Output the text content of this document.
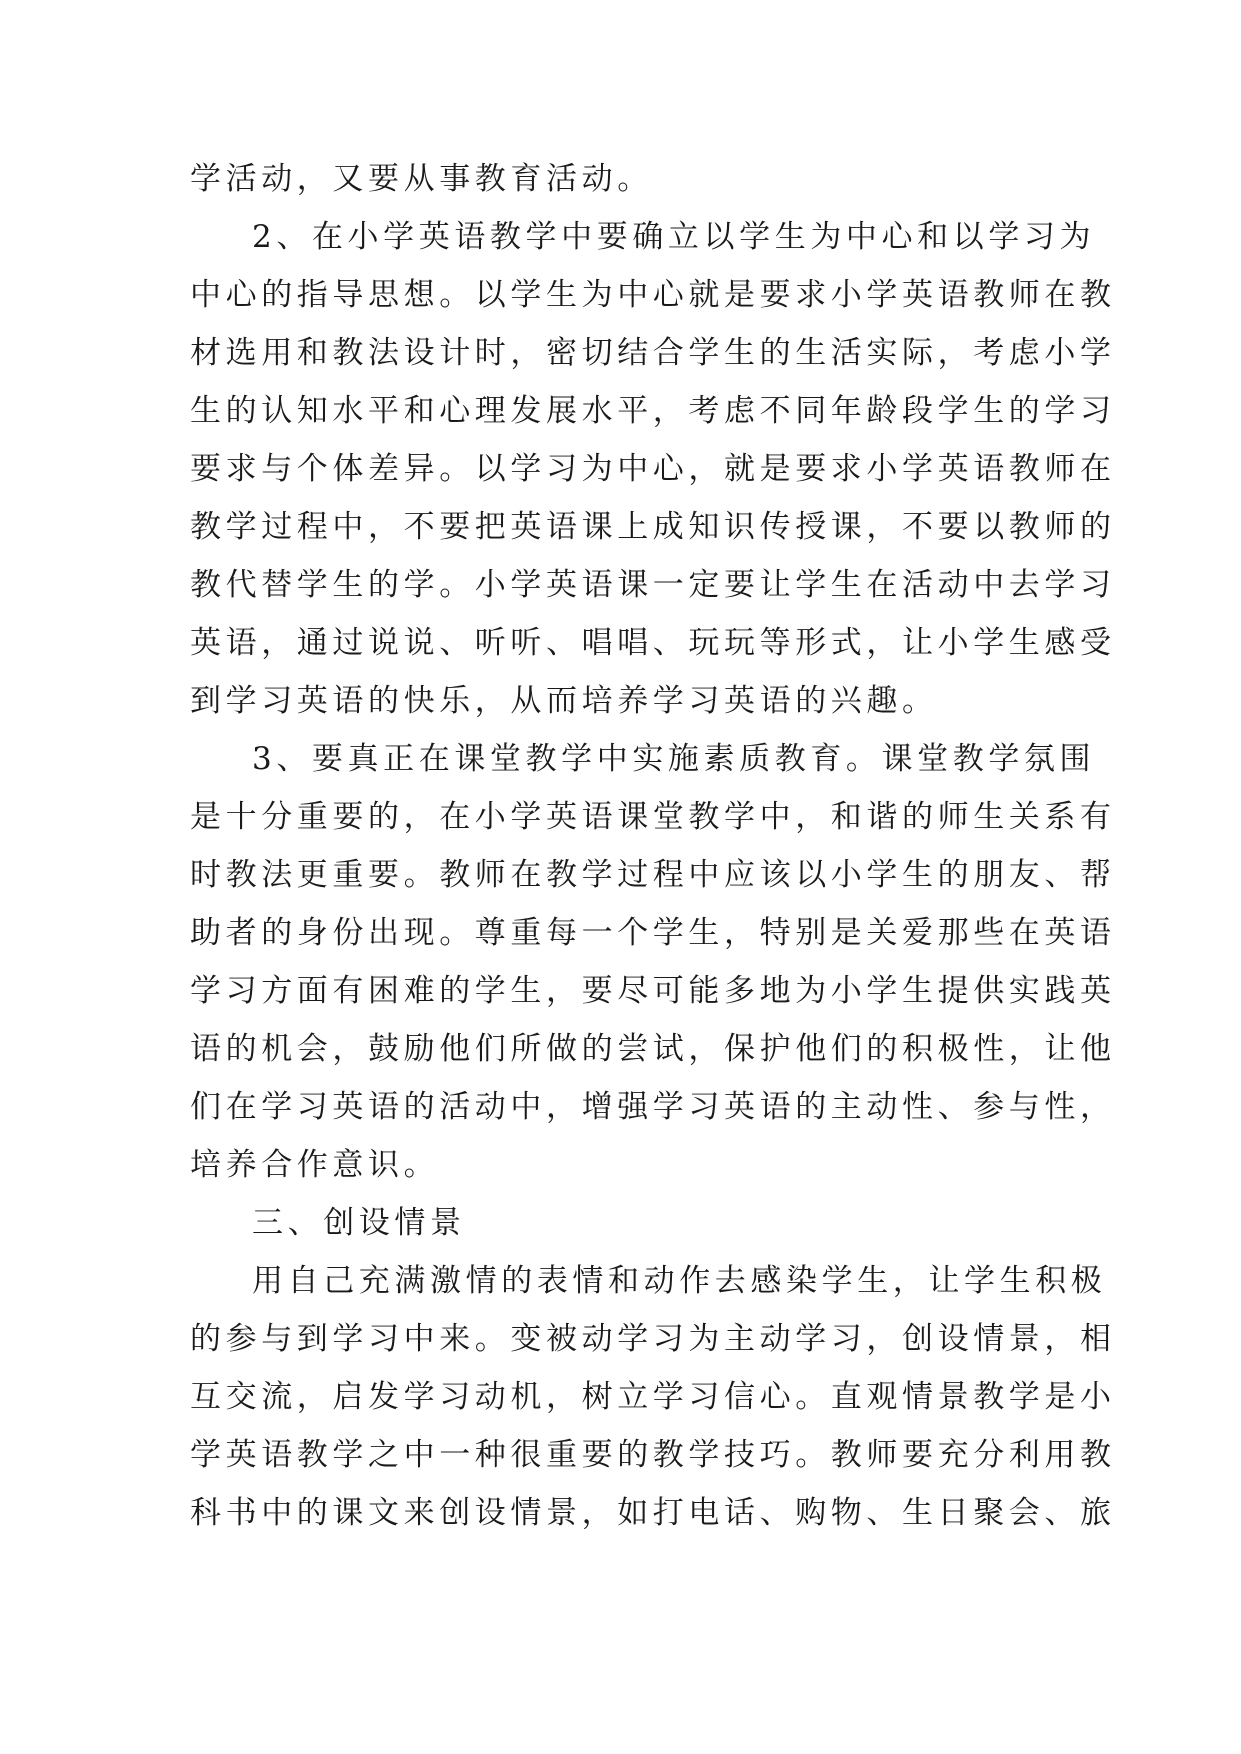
学活动，又要从事教育活动。
2、在小学英语教学中要确立以学生为中心和以学习为
中心的指导思想。以学生为中心就是要求小学英语教师在教
材选用和教法设计时，密切结合学生的生活实际，考虑小学
生的认知水平和心理发展水平，考虑不同年龄段学生的学习
要求与个体差异。以学习为中心，就是要求小学英语教师在
教学过程中，不要把英语课上成知识传授课，不要以教师的
教代替学生的学。小学英语课一定要让学生在活动中去学习
英语，通过说说、听听、唱唱、玩玩等形式，让小学生感受
到学习英语的快乐，从而培养学习英语的兴趣。
3、要真正在课堂教学中实施素质教育。课堂教学氛围
是十分重要的，在小学英语课堂教学中，和谐的师生关系有
时教法更重要。教师在教学过程中应该以小学生的朋友、帮
助者的身份出现。尊重每一个学生，特别是关爱那些在英语
学习方面有困难的学生，要尽可能多地为小学生提供实践英
语的机会，鼓励他们所做的尝试，保护他们的积极性，让他
们在学习英语的活动中，增强学习英语的主动性、参与性，
培养合作意识。
三、创设情景
用自己充满激情的表情和动作去感染学生，让学生积极
的参与到学习中来。变被动学习为主动学习，创设情景，相
互交流，启发学习动机，树立学习信心。直观情景教学是小
学英语教学之中一种很重要的教学技巧。教师要充分利用教
科书中的课文来创设情景，如打电话、购物、生日聚会、旅
